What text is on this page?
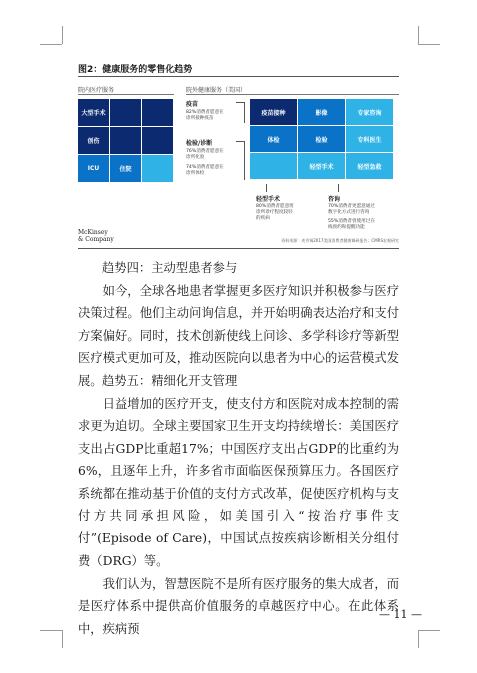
图2：健康服务的零售化趋势
院内医疗服务	院外健康服务（美国）
大型手术
创伤
ICU	住院
疫苗接种	影像	专家咨询
体检	检验	专科医生
轻型手术	轻型急救
疫苗
82%消费者愿意在
诊所接种疫苗
检验/诊断
76%消费者愿意在
诊所化验
74%消费者愿意在
诊所体检
轻型手术
80%消费者愿意剪
诊所诊疗程度较轻
的疾病
咨询
70%消费者更愿意通过
数字化方式进行咨询
55%消费者曾使用过在
线预约和提醒功能
McKinsey
& Company	资料来源：麦肯锡2017美国消费者健康调研报告；CMRS宏观研究
趋势四：主动型患者参与
如今，全球各地患者掌握更多医疗知识并积极参与医疗决策过程。他们主动问询信息，并开始明确表达治疗和支付方案偏好。同时，技术创新使线上问诊、多学科诊疗等新型医疗模式更加可及，推动医院向以患者为中心的运营模式发展。 趋势五：精细化开支管理
日益增加的医疗开支，使支付方和医院对成本控制的需求更为迫切。全球主要国家卫生开支均持续增长：美国医疗支出占GDP比重超17%；中国医疗支出占GDP的比重约为6%，且逐年上升，许多省市面临医保预算压力。各国医疗系统都在推动基于价值的支付方式改革，促使医疗机构与支付方共同承担风险，如美国引入“按治疗事件支付”(Episode of Care)，中国试点按疾病诊断相关分组付费（DRG）等。
我们认为，智慧医院不是所有医疗服务的集大成者，而是医疗体系中提供高价值服务的卓越医疗中心。在此体系中，疾病预
— 11 —
